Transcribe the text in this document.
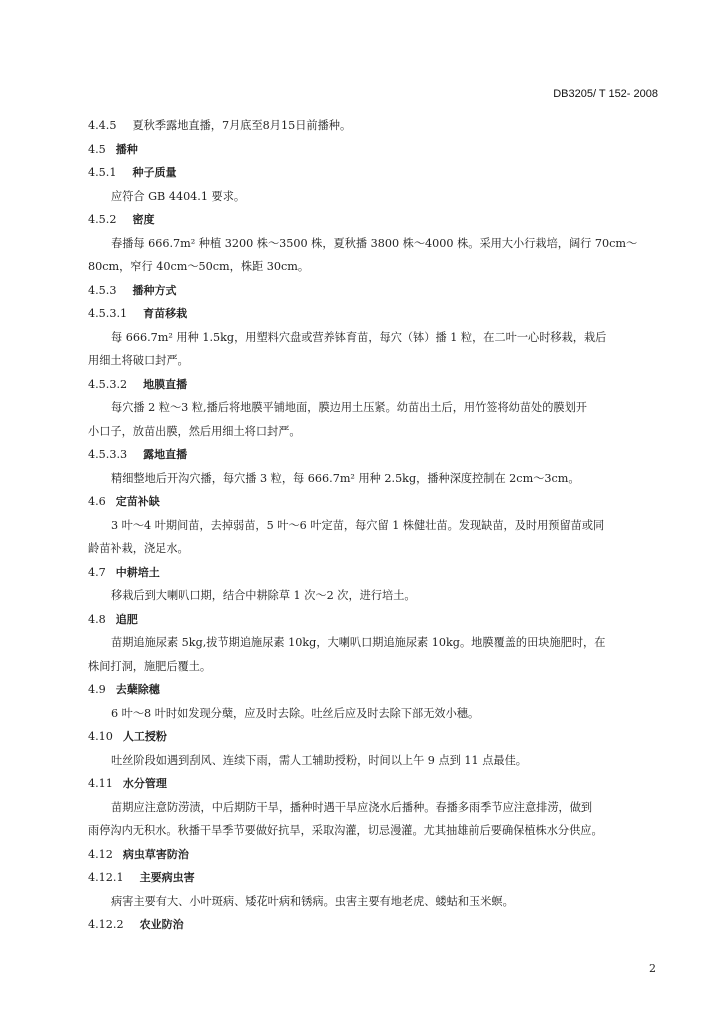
DB3205/ T 152- 2008
4.4.5 夏秋季露地直播，7月底至8月15日前播种。
4.5 播种
4.5.1 种子质量
应符合 GB 4404.1 要求。
4.5.2 密度
春播每 666.7m² 种植 3200 株～3500 株，夏秋播 3800 株～4000 株。采用大小行栽培，阔行 70cm～
80cm，窄行 40cm～50cm，株距 30cm。
4.5.3 播种方式
4.5.3.1 育苗移栽
每 666.7m² 用种 1.5kg，用塑料穴盘或营养钵育苗，每穴（钵）播 1 粒，在二叶一心时移栽，栽后
用细土将破口封严。
4.5.3.2 地膜直播
每穴播 2 粒～3 粒,播后将地膜平铺地面，膜边用土压紧。幼苗出土后，用竹签将幼苗处的膜划开
小口子，放苗出膜，然后用细土将口封严。
4.5.3.3 露地直播
精细整地后开沟穴播，每穴播 3 粒，每 666.7m² 用种 2.5kg，播种深度控制在 2cm～3cm。
4.6 定苗补缺
3 叶～4 叶期间苗，去掉弱苗，5 叶～6 叶定苗，每穴留 1 株健壮苗。发现缺苗，及时用预留苗或同
龄苗补栽，浇足水。
4.7 中耕培土
移栽后到大喇叭口期，结合中耕除草 1 次～2 次，进行培土。
4.8 追肥
苗期追施尿素 5kg,拔节期追施尿素 10kg，大喇叭口期追施尿素 10kg。地膜覆盖的田块施肥时，在
株间打洞，施肥后覆土。
4.9 去蘖除穗
6 叶～8 叶时如发现分蘖，应及时去除。吐丝后应及时去除下部无效小穗。
4.10 人工授粉
吐丝阶段如遇到刮风、连续下雨，需人工辅助授粉，时间以上午 9 点到 11 点最佳。
4.11 水分管理
苗期应注意防涝渍，中后期防干旱，播种时遇干旱应浇水后播种。春播多雨季节应注意排涝，做到
雨停沟内无积水。秋播干旱季节要做好抗旱，采取沟灌，切忌漫灌。尤其抽雄前后要确保植株水分供应。
4.12 病虫草害防治
4.12.1 主要病虫害
病害主要有大、小叶斑病、矮花叶病和锈病。虫害主要有地老虎、蝼蛄和玉米螟。
4.12.2 农业防治
2
